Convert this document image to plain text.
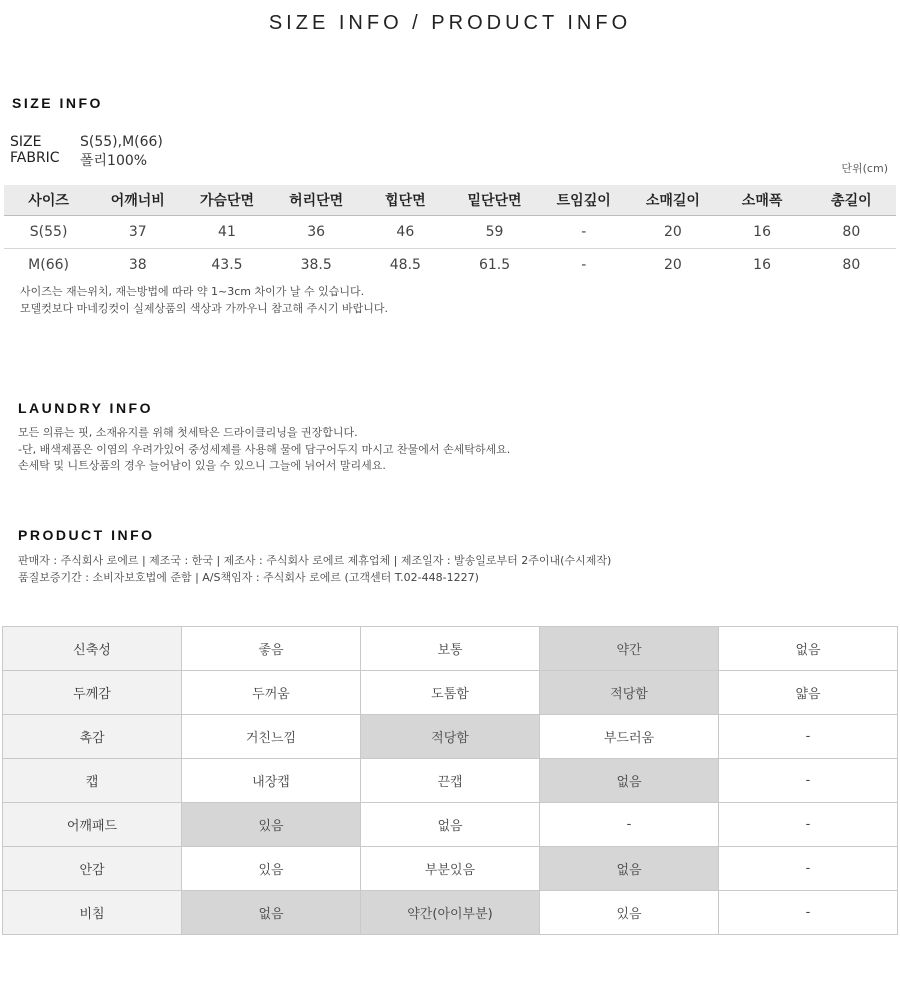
SIZE INFO / PRODUCT INFO
SIZE INFO
SIZE	S(55),M(66)
FABRIC 폴리100%	단위(cm)
사이즈	어깨너비	가슴단면	허리단면	힙단면	밑단단면	트임깊이	소매길이	소매폭	총길이
S(55)	37	41	36	46	59	-	20	16	80
M(66)	38	43.5	38.5	48.5	61.5	-	20	16	80
사이즈는 재는위치, 재는방법에 따라 약 1~3cm 차이가 날 수 있습니다.
모델컷보다 마네킹컷이 실제상품의 색상과 가까우니 참고해 주시기 바랍니다.
LAUNDRY INFO
모든 의류는 핏, 소재유지를 위해 첫세탁은 드라이클리닝을 권장합니다.
-단, 배색제품은 이염의 우려가있어 중성세제를 사용해 물에 담구어두지 마시고 찬물에서 손세탁하세요.
손세탁 및 니트상품의 경우 늘어남이 있을 수 있으니 그늘에 뉘어서 말리세요.
PRODUCT INFO
판매자 : 주식회사 로에르 | 제조국 : 한국 | 제조사 : 주식회사 로에르 제휴업체 | 제조일자 : 발송일로부터 2주이내(수시제작)
품질보증기간 : 소비자보호법에 준함 | A/S책임자 : 주식회사 로에르 (고객센터 T.02-448-1227)
신축성	좋음	보통	약간	없음
두께감	두꺼움	도톰함	적당함	얇음
촉감	거친느낌	적당함	부드러움	-
캡	내장캡	끈캡	없음	-
어깨패드	있음	없음	-	-
안감	있음	부분있음	없음	-
비침	없음	약간(아이부분)	있음	-
